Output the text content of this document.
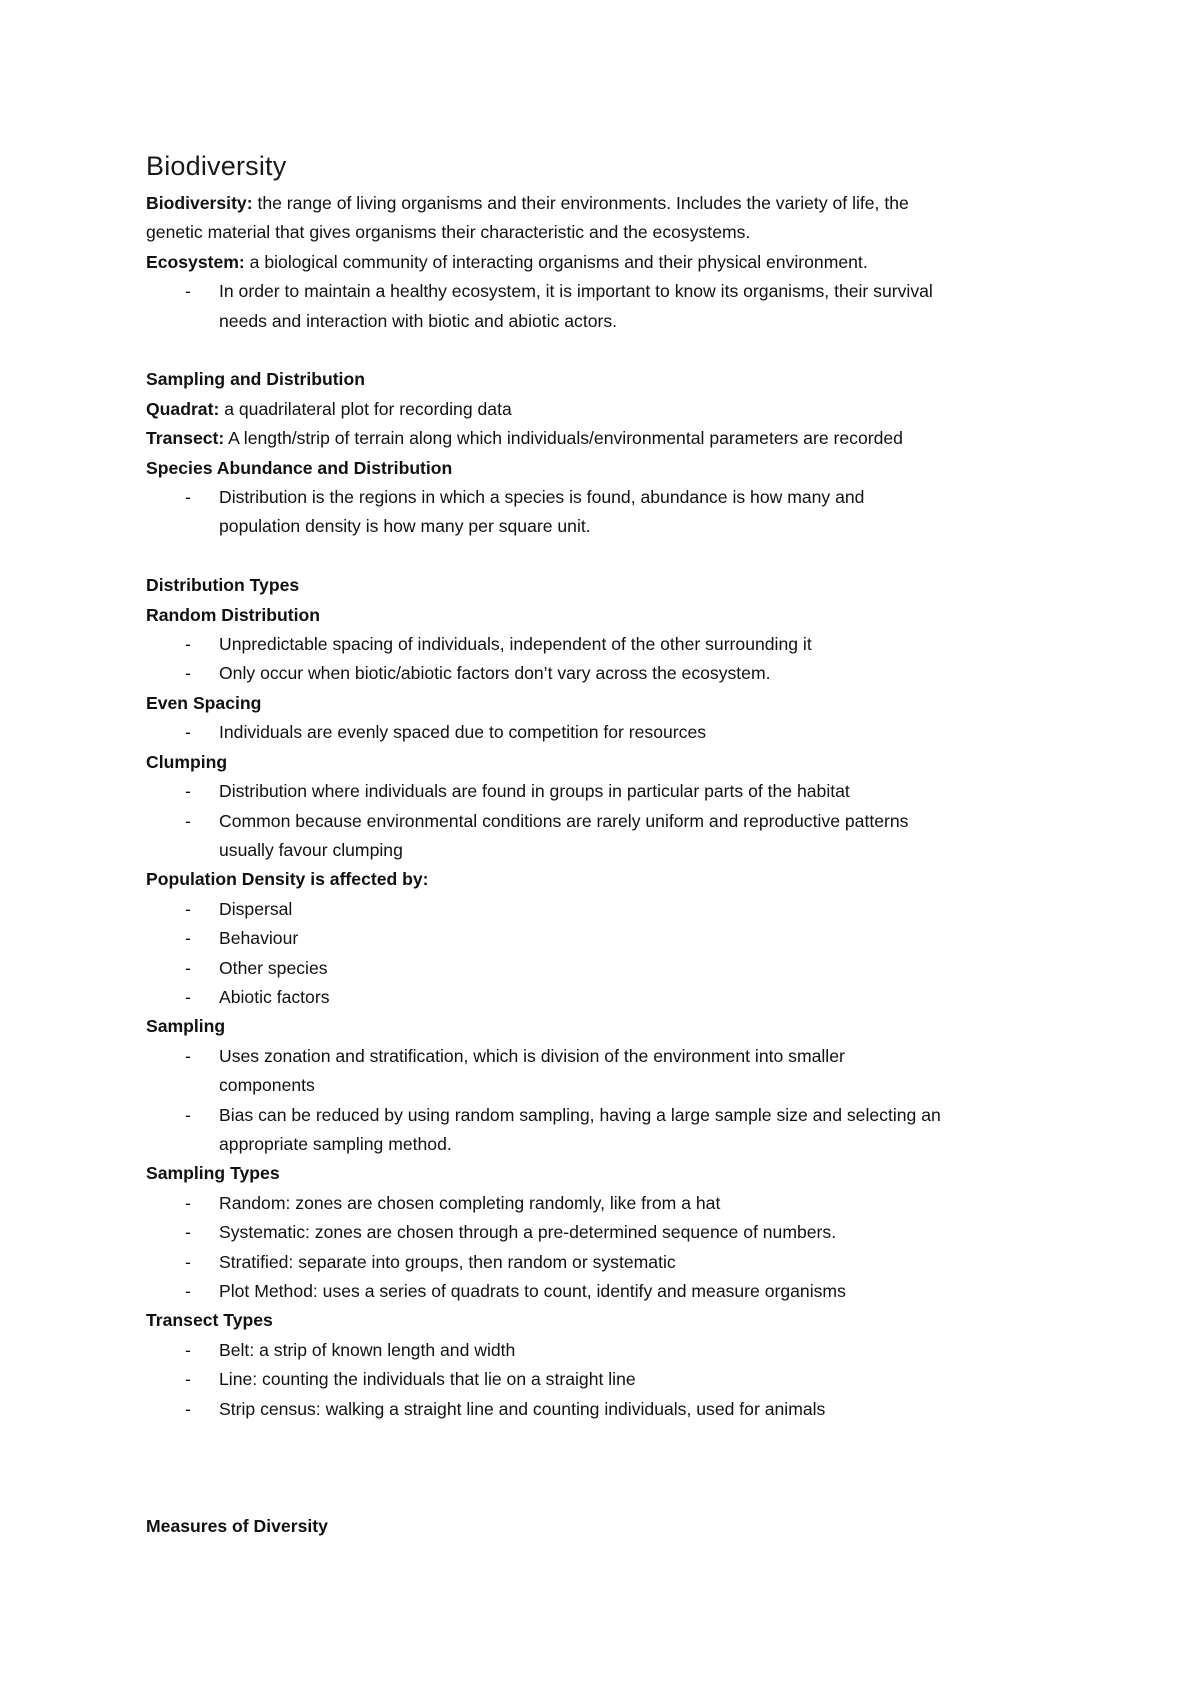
Biodiversity
Biodiversity: the range of living organisms and their environments. Includes the variety of life, the
genetic material that gives organisms their characteristic and the ecosystems.
Ecosystem: a biological community of interacting organisms and their physical environment.
- In order to maintain a healthy ecosystem, it is important to know its organisms, their survival
needs and interaction with biotic and abiotic actors.
Sampling and Distribution
Quadrat: a quadrilateral plot for recording data
Transect: A length/strip of terrain along which individuals/environmental parameters are recorded
Species Abundance and Distribution
- Distribution is the regions in which a species is found, abundance is how many and
population density is how many per square unit.
Distribution Types
Random Distribution
- Unpredictable spacing of individuals, independent of the other surrounding it
- Only occur when biotic/abiotic factors don’t vary across the ecosystem.
Even Spacing
- Individuals are evenly spaced due to competition for resources
Clumping
- Distribution where individuals are found in groups in particular parts of the habitat
- Common because environmental conditions are rarely uniform and reproductive patterns
usually favour clumping
Population Density is affected by:
- Dispersal
- Behaviour
- Other species
- Abiotic factors
Sampling
- Uses zonation and stratification, which is division of the environment into smaller
components
- Bias can be reduced by using random sampling, having a large sample size and selecting an
appropriate sampling method.
Sampling Types
- Random: zones are chosen completing randomly, like from a hat
- Systematic: zones are chosen through a pre-determined sequence of numbers.
- Stratified: separate into groups, then random or systematic
- Plot Method: uses a series of quadrats to count, identify and measure organisms
Transect Types
- Belt: a strip of known length and width
- Line: counting the individuals that lie on a straight line
- Strip census: walking a straight line and counting individuals, used for animals
Measures of Diversity
